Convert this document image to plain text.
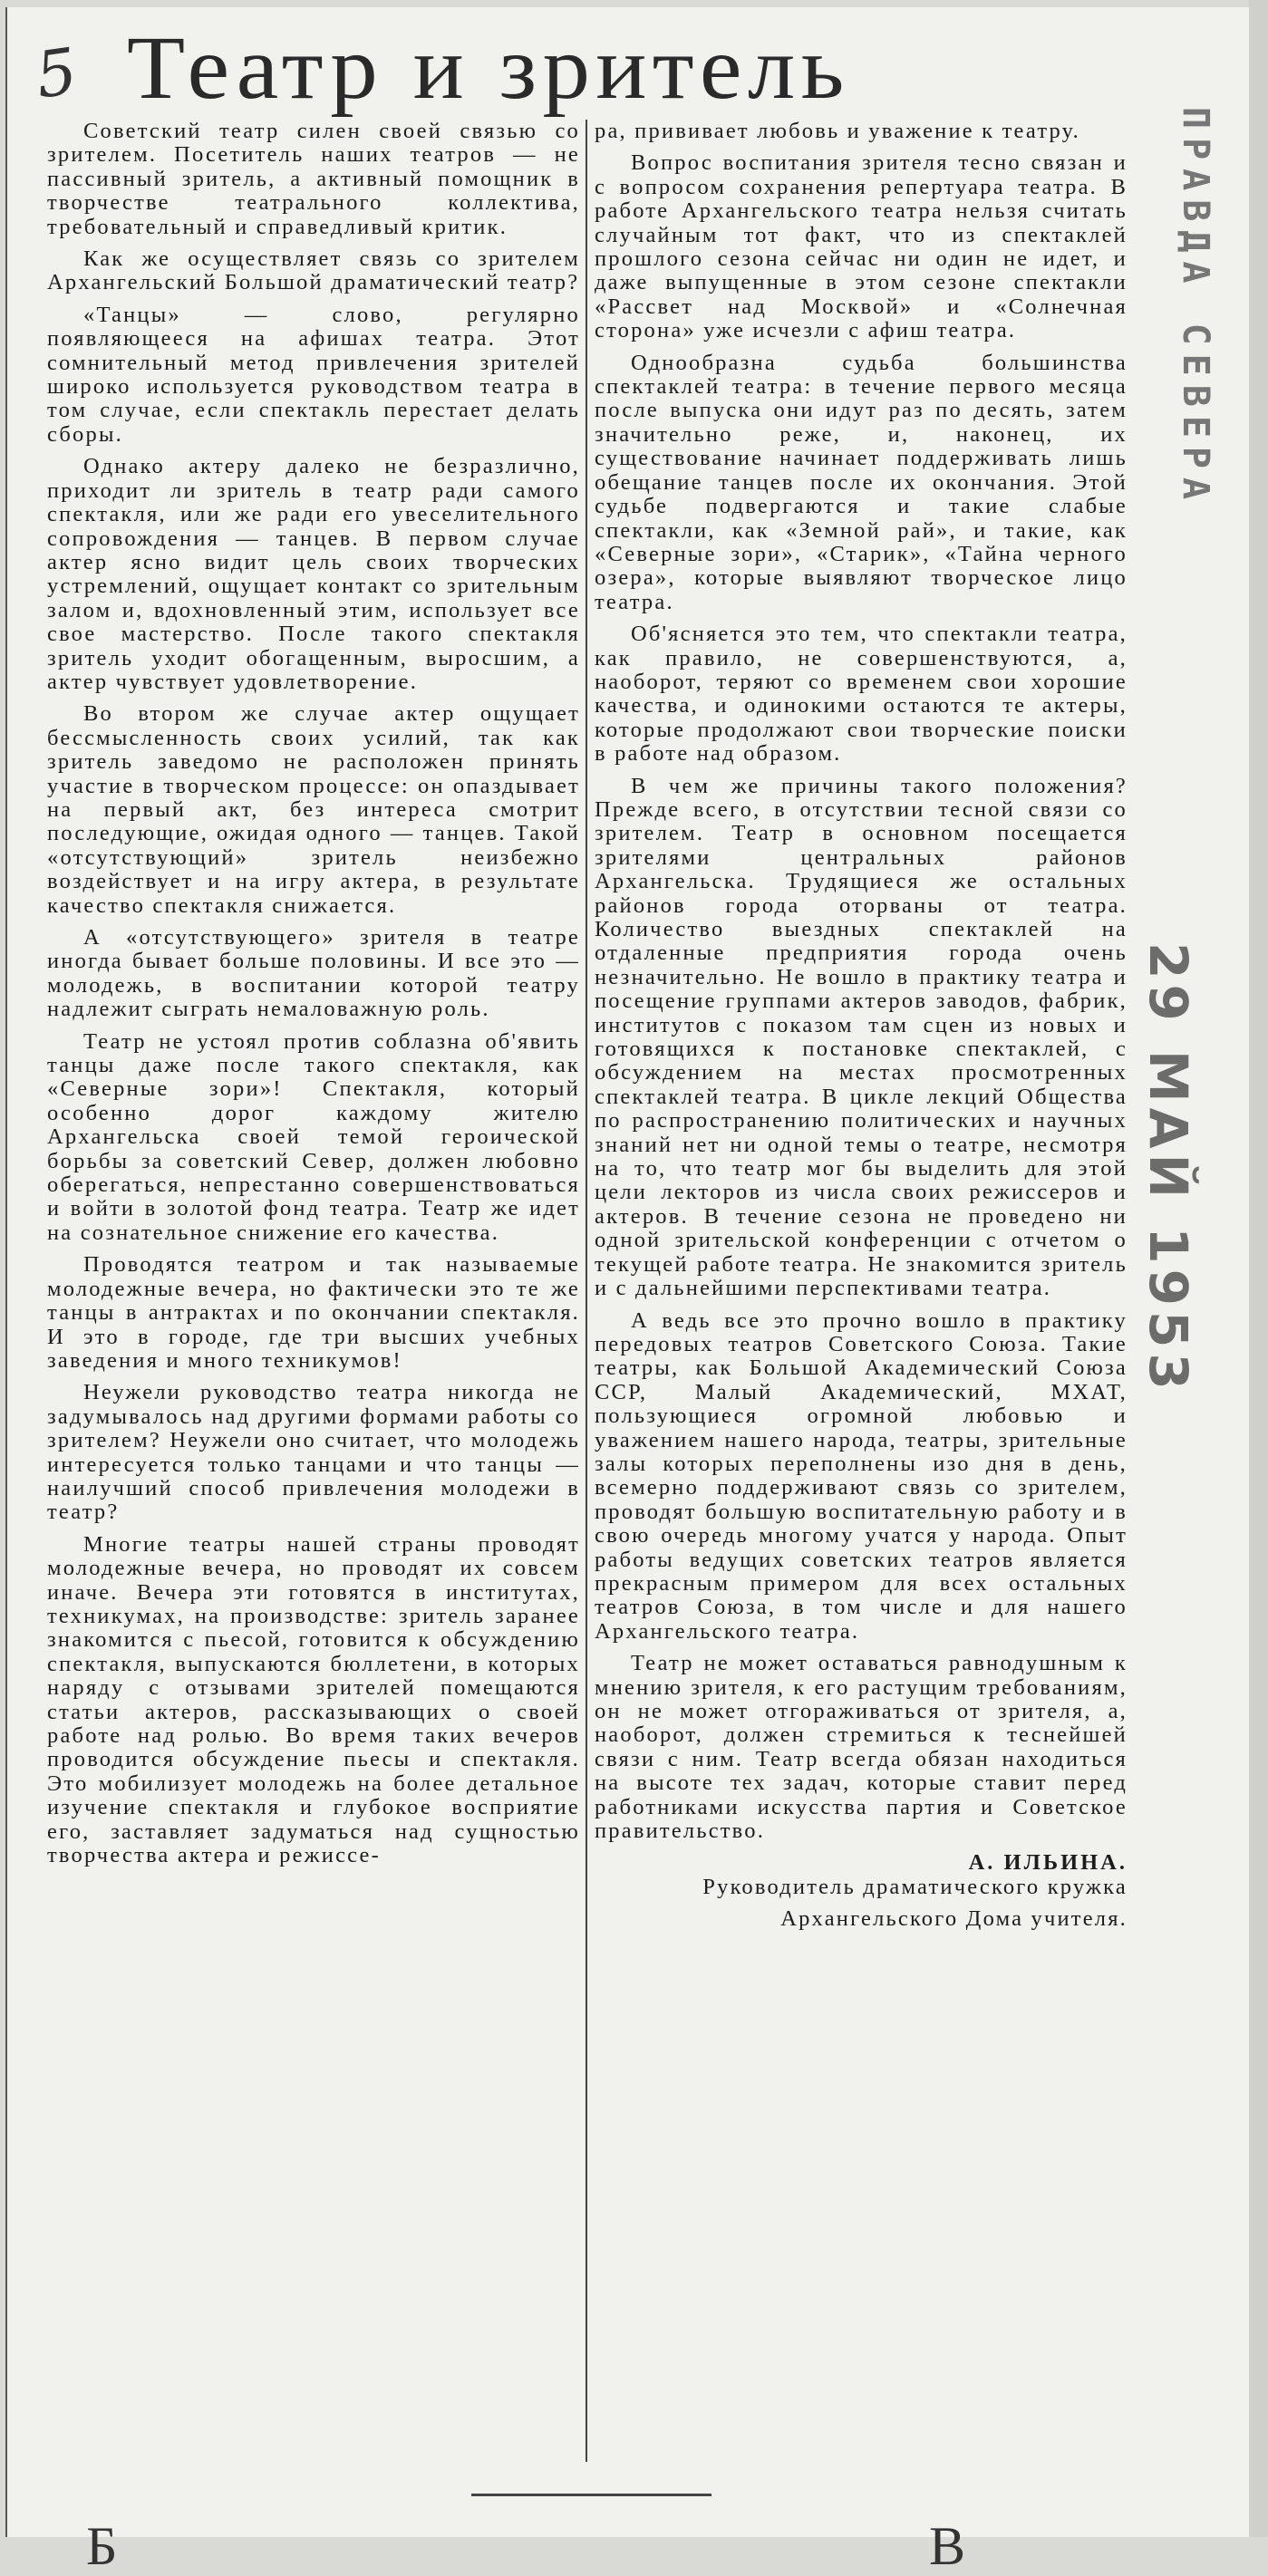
5 Театр и зритель

Советский театр силен своей связью со зрителем. Посетитель наших театров — не пассивный зритель, а активный помощник в творчестве театрального коллектива, требовательный и справедливый критик.

Как же осуществляет связь со зрителем Архангельский Большой драматический театр?

«Танцы» — слово, регулярно появляющееся на афишах театра. Этот сомнительный метод привлечения зрителей широко используется руководством театра в том случае, если спектакль перестает делать сборы.

Однако актеру далеко не безразлично, приходит ли зритель в театр ради самого спектакля, или же ради его увеселительного сопровождения — танцев. В первом случае актер ясно видит цель своих творческих устремлений, ощущает контакт со зрительным залом и, вдохновленный этим, использует все свое мастерство. После такого спектакля зритель уходит обогащенным, выросшим, а актер чувствует удовлетворение.

Во втором же случае актер ощущает бессмысленность своих усилий, так как зритель заведомо не расположен принять участие в творческом процессе: он опаздывает на первый акт, без интереса смотрит последующие, ожидая одного — танцев. Такой «отсутствующий» зритель неизбежно воздействует и на игру актера, в результате качество спектакля снижается.

А «отсутствующего» зрителя в театре иногда бывает больше половины. И все это — молодежь, в воспитании которой театру надлежит сыграть немаловажную роль.

Театр не устоял против соблазна об'явить танцы даже после такого спектакля, как «Северные зори»! Спектакля, который особенно дорог каждому жителю Архангельска своей темой героической борьбы за советский Север, должен любовно оберегаться, непрестанно совершенствоваться и войти в золотой фонд театра. Театр же идет на сознательное снижение его качества.

Проводятся театром и так называемые молодежные вечера, но фактически это те же танцы в антрактах и по окончании спектакля. И это в городе, где три высших учебных заведения и много техникумов!

Неужели руководство театра никогда не задумывалось над другими формами работы со зрителем? Неужели оно считает, что молодежь интересуется только танцами и что танцы — наилучший способ привлечения молодежи в театр?

Многие театры нашей страны проводят молодежные вечера, но проводят их совсем иначе. Вечера эти готовятся в институтах, техникумах, на производстве: зритель заранее знакомится с пьесой, готовится к обсуждению спектакля, выпускаются бюллетени, в которых наряду с отзывами зрителей помещаются статьи актеров, рассказывающих о своей работе над ролью. Во время таких вечеров проводится обсуждение пьесы и спектакля. Это мобилизует молодежь на более детальное изучение спектакля и глубокое восприятие его, заставляет задуматься над сущностью творчества актера и режиссе-

ра, прививает любовь и уважение к театру.

Вопрос воспитания зрителя тесно связан и с вопросом сохранения репертуара театра. В работе Архангельского театра нельзя считать случайным тот факт, что из спектаклей прошлого сезона сейчас ни один не идет, и даже выпущенные в этом сезоне спектакли «Рассвет над Москвой» и «Солнечная сторона» уже исчезли с афиш театра.

Однообразна судьба большинства спектаклей театра: в течение первого месяца после выпуска они идут раз по десять, затем значительно реже, и, наконец, их существование начинает поддерживать лишь обещание танцев после их окончания. Этой судьбе подвергаются и такие слабые спектакли, как «Земной рай», и такие, как «Северные зори», «Старик», «Тайна черного озера», которые выявляют творческое лицо театра.

Об'ясняется это тем, что спектакли театра, как правило, не совершенствуются, а, наоборот, теряют со временем свои хорошие качества, и одинокими остаются те актеры, которые продолжают свои творческие поиски в работе над образом.

В чем же причины такого положения? Прежде всего, в отсутствии тесной связи со зрителем. Театр в основном посещается зрителями центральных районов Архангельска. Трудящиеся же остальных районов города оторваны от театра. Количество выездных спектаклей на отдаленные предприятия города очень незначительно. Не вошло в практику театра и посещение группами актеров заводов, фабрик, институтов с показом там сцен из новых и готовящихся к постановке спектаклей, с обсуждением на местах просмотренных спектаклей театра. В цикле лекций Общества по распространению политических и научных знаний нет ни одной темы о театре, несмотря на то, что театр мог бы выделить для этой цели лекторов из числа своих режиссеров и актеров. В течение сезона не проведено ни одной зрительской конференции с отчетом о текущей работе театра. Не знакомится зритель и с дальнейшими перспективами театра.

А ведь все это прочно вошло в практику передовых театров Советского Союза. Такие театры, как Большой Академический Союза ССР, Малый Академический, МХАТ, пользующиеся огромной любовью и уважением нашего народа, театры, зрительные залы которых переполнены изо дня в день, всемерно поддерживают связь со зрителем, проводят большую воспитательную работу и в свою очередь многому учатся у народа. Опыт работы ведущих советских театров является прекрасным примером для всех остальных театров Союза, в том числе и для нашего Архангельского театра.

Театр не может оставаться равнодушным к мнению зрителя, к его растущим требованиям, он не может отгораживаться от зрителя, а, наоборот, должен стремиться к теснейшей связи с ним. Театр всегда обязан находиться на высоте тех задач, которые ставит перед работниками искусства партия и Советское правительство.

А. ИЛЬИНА.

Руководитель драматического кружка

Архангельского Дома учителя.

ПРАВДА СЕВЕРА
29 МАЙ 1953
Б	В
